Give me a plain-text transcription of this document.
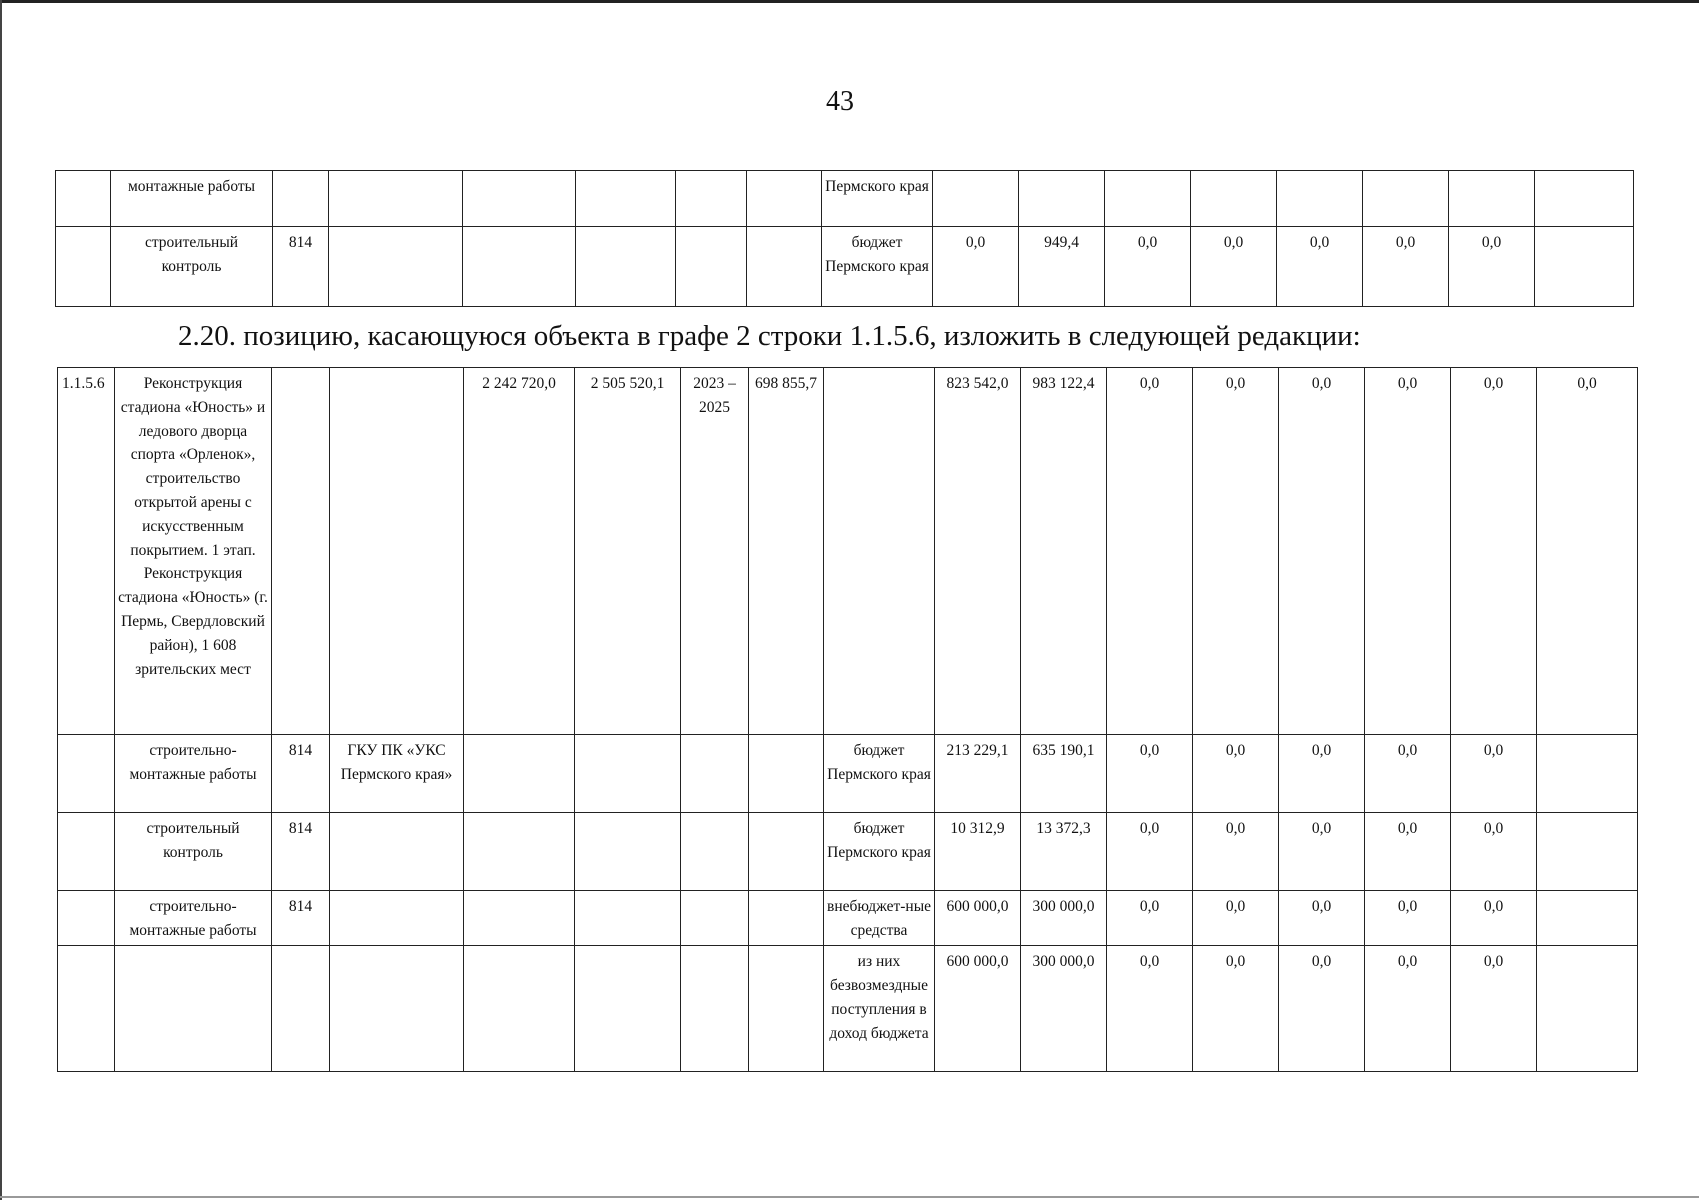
43
	монтажные работы							Пермского края								
	строительный контроль	814						бюджет Пермского края	0,0	949,4	0,0	0,0	0,0	0,0	0,0	
2.20. позицию, касающуюся объекта в графе 2 строки 1.1.5.6, изложить в следующей редакции:
1.1.5.6	Реконструкция стадиона «Юность» и ледового дворца спорта «Орленок», строительство открытой арены с искусственным покрытием. 1 этап. Реконструкция стадиона «Юность» (г. Пермь, Свердловский район), 1 608 зрительских мест			2 242 720,0	2 505 520,1	2023 – 2025	698 855,7		823 542,0	983 122,4	0,0	0,0	0,0	0,0	0,0	0,0
	строительно-монтажные работы	814	ГКУ ПК «УКС Пермского края»					бюджет Пермского края	213 229,1	635 190,1	0,0	0,0	0,0	0,0	0,0	
	строительный контроль	814						бюджет Пермского края	10 312,9	13 372,3	0,0	0,0	0,0	0,0	0,0	
	строительно-монтажные работы	814						внебюджет-ные средства	600 000,0	300 000,0	0,0	0,0	0,0	0,0	0,0	
								из них безвозмездные поступления в доход бюджета	600 000,0	300 000,0	0,0	0,0	0,0	0,0	0,0	
